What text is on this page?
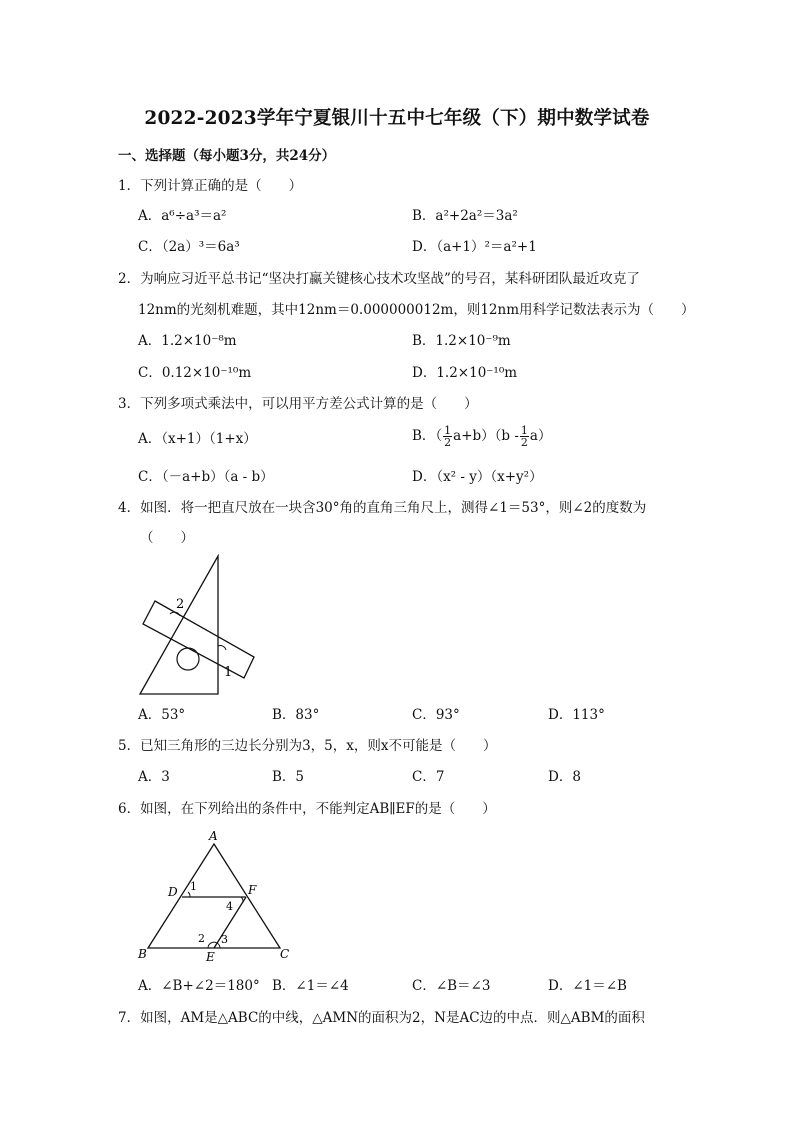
2022-2023学年宁夏银川十五中七年级（下）期中数学试卷
一、选择题（每小题3分，共24分）
1．下列计算正确的是（　　）
A．a⁶÷a³＝a²	B．a²+2a²＝3a²
C．（2a）³＝6a³	D．（a+1）²＝a²+1
2．为响应习近平总书记“坚决打赢关键核心技术攻坚战”的号召，某科研团队最近攻克了
12nm的光刻机难题，其中12nm＝0.000000012m，则12nm用科学记数法表示为（　　）
A．1.2×10⁻⁸m	B．1.2×10⁻⁹m
C．0.12×10⁻¹⁰m	D．1.2×10⁻¹⁰m
3．下列多项式乘法中，可以用平方差公式计算的是（　　）
A．（x+1）（1+x）	B．（ $\frac{1}{2} a+b)(b - \frac{1}{2} a)$
C．（－a+b）（a - b）	D．（x² - y）（x+y²）
4．如图．将一把直尺放在一块含30°角的直角三角尺上，测得∠1＝53°，则∠2的度数为
（　　）
2
1
A．53°	B．83°	C．93°	D．113°
5．已知三角形的三边长分别为3，5，x，则x不可能是（　　）
A．3	B．5	C．7	D．8
6．如图，在下列给出的条件中，不能判定AB∥EF的是（　　）
A
B	C
D
E
F
1
2 3
4
A．∠B+∠2＝180° B．∠1＝∠4	C．∠B＝∠3	D．∠1＝∠B
7．如图，AM是△ABC的中线，△AMN的面积为2，N是AC边的中点．则△ABM的面积
